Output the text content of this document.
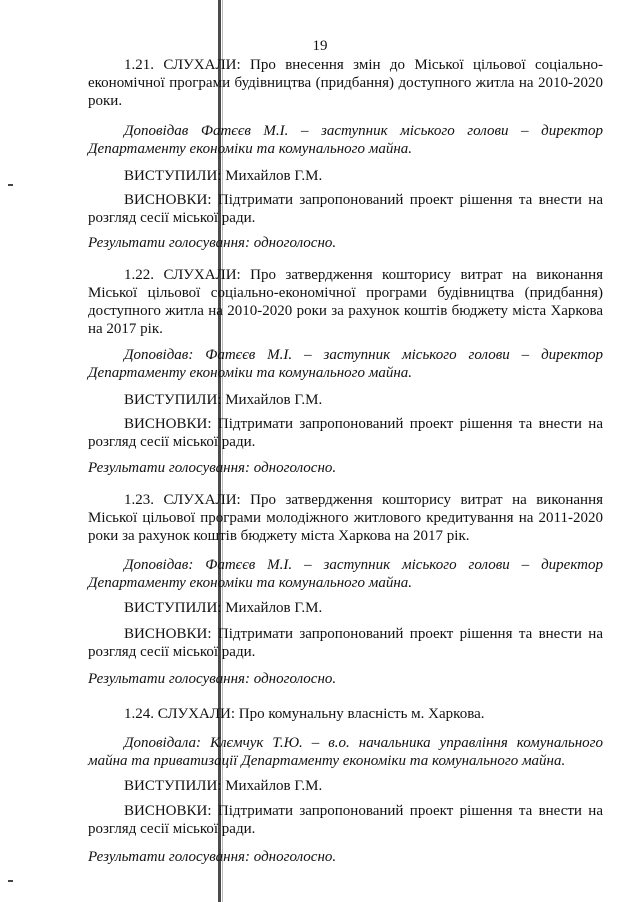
19
1.21. СЛУХАЛИ: Про внесення змін до Міської цільової соціально-економічної програми будівництва (придбання) доступного житла на 2010-2020 роки.
Доповідав Фатєєв М.І. – заступник міського голови – директор Департаменту економіки та комунального майна.
ВИСТУПИЛИ: Михайлов Г.М.
ВИСНОВКИ: Підтримати запропонований проект рішення та внести на розгляд сесії міської ради.
Результати голосування: одноголосно.
1.22. СЛУХАЛИ: Про затвердження кошторису витрат на виконання Міської цільової соціально-економічної програми будівництва (придбання) доступного житла на 2010-2020 роки за рахунок коштів бюджету міста Харкова на 2017 рік.
Доповідав: Фатєєв М.І. – заступник міського голови – директор Департаменту економіки та комунального майна.
ВИСТУПИЛИ: Михайлов Г.М.
ВИСНОВКИ: Підтримати запропонований проект рішення та внести на розгляд сесії міської ради.
Результати голосування: одноголосно.
1.23. СЛУХАЛИ: Про затвердження кошторису витрат на виконання Міської цільової програми молодіжного житлового кредитування на 2011-2020 роки за рахунок коштів бюджету міста Харкова на 2017 рік.
Доповідав: Фатєєв М.І. – заступник міського голови – директор Департаменту економіки та комунального майна.
ВИСТУПИЛИ: Михайлов Г.М.
ВИСНОВКИ: Підтримати запропонований проект рішення та внести на розгляд сесії міської ради.
Результати голосування: одноголосно.
1.24. СЛУХАЛИ: Про комунальну власність м. Харкова.
Доповідала: Клємчук Т.Ю. – в.о. начальника управління комунального майна та приватизації Департаменту економіки та комунального майна.
ВИСТУПИЛИ: Михайлов Г.М.
ВИСНОВКИ: Підтримати запропонований проект рішення та внести на розгляд сесії міської ради.
Результати голосування: одноголосно.
